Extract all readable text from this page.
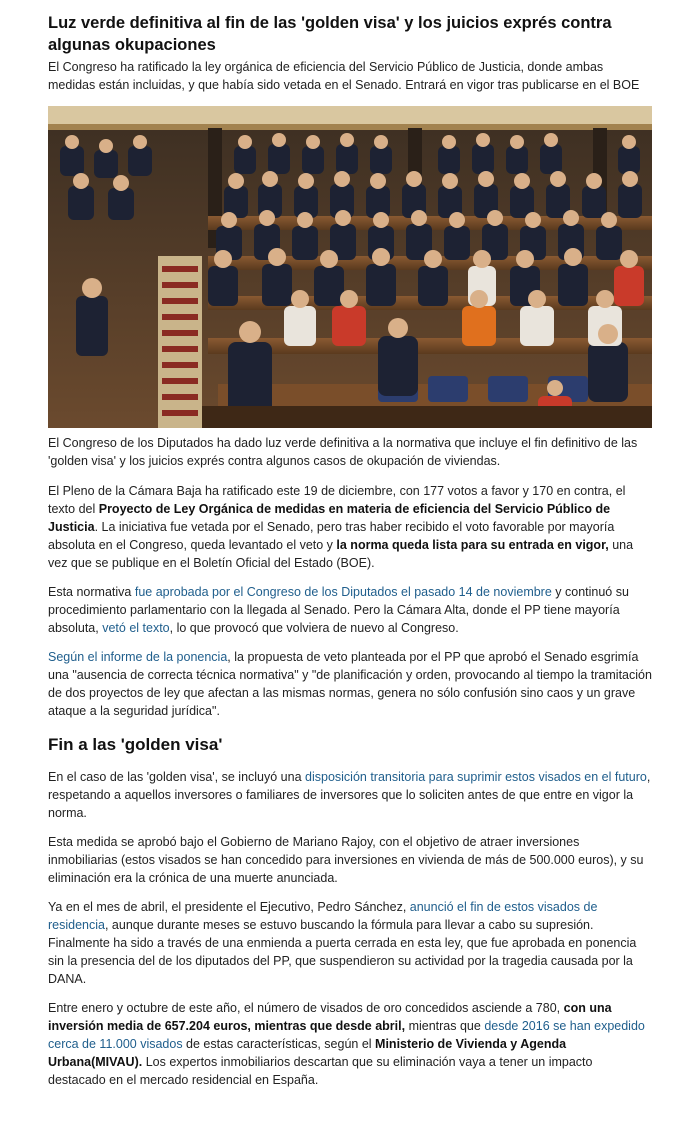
Luz verde definitiva al fin de las 'golden visa' y los juicios exprés contra algunas okupaciones

El Congreso ha ratificado la ley orgánica de eficiencia del Servicio Público de Justicia, donde ambas medidas están incluidas, y que había sido vetada en el Senado. Entrará en vigor tras publicarse en el BOE

El Congreso de los Diputados ha dado luz verde definitiva a la normativa que incluye el fin definitivo de las 'golden visa' y los juicios exprés contra algunos casos de okupación de viviendas.

El Pleno de la Cámara Baja ha ratificado este 19 de diciembre, con 177 votos a favor y 170 en contra, el texto del Proyecto de Ley Orgánica de medidas en materia de eficiencia del Servicio Público de Justicia. La iniciativa fue vetada por el Senado, pero tras haber recibido el voto favorable por mayoría absoluta en el Congreso, queda levantado el veto y la norma queda lista para su entrada en vigor, una vez que se publique en el Boletín Oficial del Estado (BOE).

Esta normativa fue aprobada por el Congreso de los Diputados el pasado 14 de noviembre y continuó su procedimiento parlamentario con la llegada al Senado. Pero la Cámara Alta, donde el PP tiene mayoría absoluta, vetó el texto, lo que provocó que volviera de nuevo al Congreso.

Según el informe de la ponencia, la propuesta de veto planteada por el PP que aprobó el Senado esgrimía una "ausencia de correcta técnica normativa" y "de planificación y orden, provocando al tiempo la tramitación de dos proyectos de ley que afectan a las mismas normas, genera no sólo confusión sino caos y un grave ataque a la seguridad jurídica".

Fin a las 'golden visa'

En el caso de las 'golden visa', se incluyó una disposición transitoria para suprimir estos visados en el futuro, respetando a aquellos inversores o familiares de inversores que lo soliciten antes de que entre en vigor la norma.

Esta medida se aprobó bajo el Gobierno de Mariano Rajoy, con el objetivo de atraer inversiones inmobiliarias (estos visados se han concedido para inversiones en vivienda de más de 500.000 euros), y su eliminación era la crónica de una muerte anunciada.

Ya en el mes de abril, el presidente el Ejecutivo, Pedro Sánchez, anunció el fin de estos visados de residencia, aunque durante meses se estuvo buscando la fórmula para llevar a cabo su supresión. Finalmente ha sido a través de una enmienda a puerta cerrada en esta ley, que fue aprobada en ponencia sin la presencia del de los diputados del PP, que suspendieron su actividad por la tragedia causada por la DANA.

Entre enero y octubre de este año, el número de visados de oro concedidos asciende a 780, con una inversión media de 657.204 euros, mientras que desde abril, mientras que desde 2016 se han expedido cerca de 11.000 visados de estas características, según el Ministerio de Vivienda y Agenda Urbana(MIVAU). Los expertos inmobiliarios descartan que su eliminación vaya a tener un impacto destacado en el mercado residencial en España.
